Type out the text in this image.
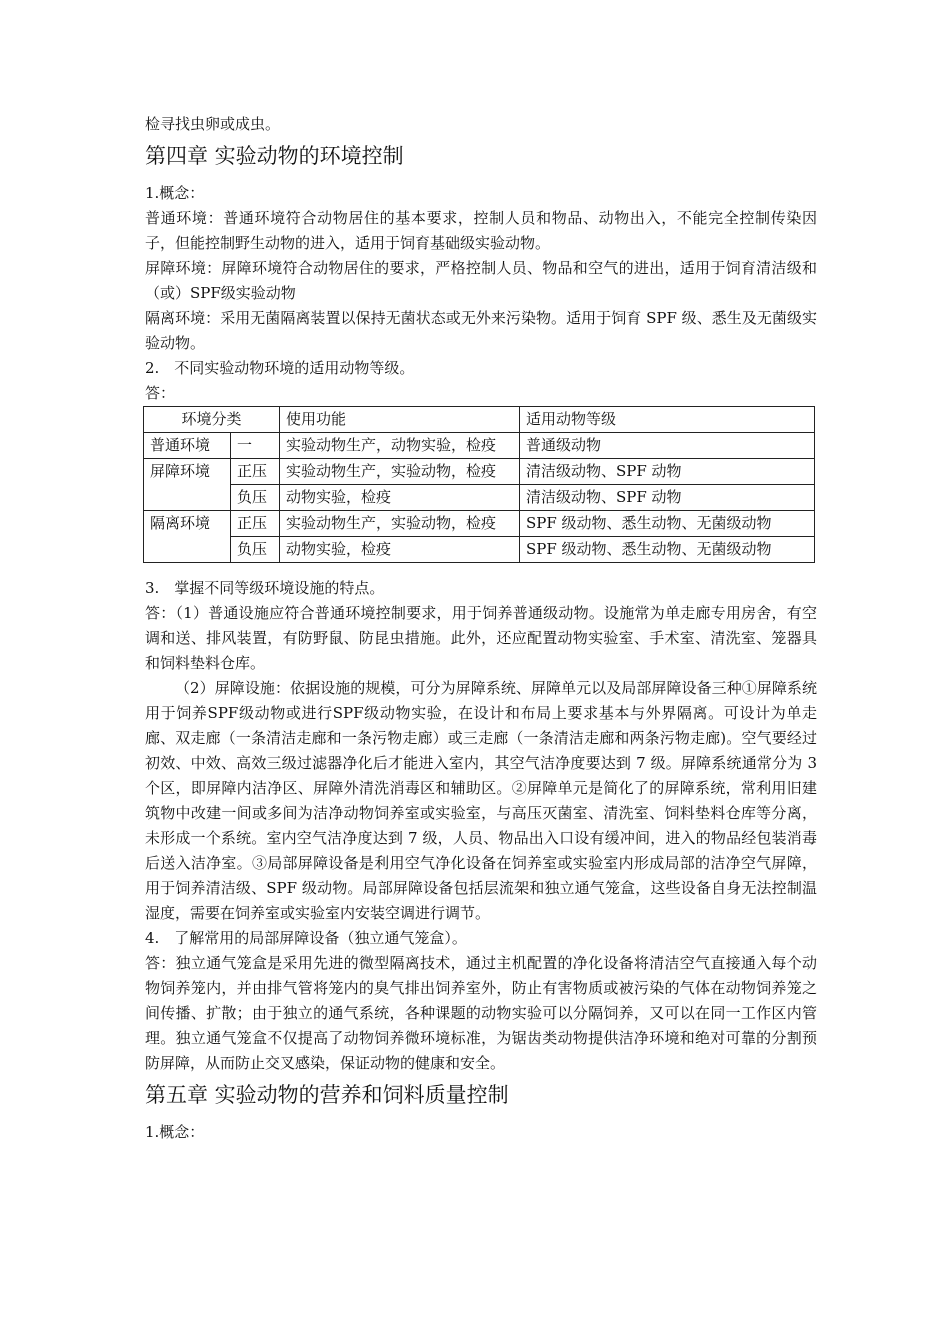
检寻找虫卵或成虫。

第四章 实验动物的环境控制

1.概念：

普通环境：普通环境符合动物居住的基本要求，控制人员和物品、动物出入，不能完全控制传染因子，但能控制野生动物的进入，适用于饲育基础级实验动物。

屏障环境：屏障环境符合动物居住的要求，严格控制人员、物品和空气的进出，适用于饲育清洁级和（或）SPF级实验动物

隔离环境：采用无菌隔离装置以保持无菌状态或无外来污染物。适用于饲育 SPF 级、悉生及无菌级实验动物。

2.　不同实验动物环境的适用动物等级。

答：

环境分类		使用功能	适用动物等级
普通环境	一	实验动物生产，动物实验，检疫	普通级动物
屏障环境	正压	实验动物生产，实验动物，检疫	清洁级动物、SPF 动物
	负压	动物实验，检疫	清洁级动物、SPF 动物
隔离环境	正压	实验动物生产，实验动物，检疫	SPF 级动物、悉生动物、无菌级动物
	负压	动物实验，检疫	SPF 级动物、悉生动物、无菌级动物

3.　掌握不同等级环境设施的特点。

答：（1）普通设施应符合普通环境控制要求，用于饲养普通级动物。设施常为单走廊专用房舍，有空调和送、排风装置，有防野鼠、防昆虫措施。此外，还应配置动物实验室、手术室、清洗室、笼器具和饲料垫料仓库。

（2）屏障设施：依据设施的规模，可分为屏障系统、屏障单元以及局部屏障设备三种①屏障系统用于饲养SPF级动物或进行SPF级动物实验，在设计和布局上要求基本与外界隔离。可设计为单走廊、双走廊（一条清洁走廊和一条污物走廊）或三走廊（一条清洁走廊和两条污物走廊)。空气要经过初效、中效、高效三级过滤器净化后才能进入室内，其空气洁净度要达到 7 级。屏障系统通常分为 3 个区，即屏障内洁净区、屏障外清洗消毒区和辅助区。②屏障单元是简化了的屏障系统，常利用旧建筑物中改建一间或多间为洁净动物饲养室或实验室，与高压灭菌室、清洗室、饲料垫料仓库等分离，未形成一个系统。室内空气洁净度达到 7 级，人员、物品出入口设有缓冲间，进入的物品经包装消毒后送入洁净室。③局部屏障设备是利用空气净化设备在饲养室或实验室内形成局部的洁净空气屏障，用于饲养清洁级、SPF 级动物。局部屏障设备包括层流架和独立通气笼盒，这些设备自身无法控制温湿度，需要在饲养室或实验室内安装空调进行调节。

4.　了解常用的局部屏障设备（独立通气笼盒）。

答：独立通气笼盒是采用先进的微型隔离技术，通过主机配置的净化设备将清洁空气直接通入每个动物饲养笼内，并由排气管将笼内的臭气排出饲养室外，防止有害物质或被污染的气体在动物饲养笼之间传播、扩散；由于独立的通气系统，各种课题的动物实验可以分隔饲养，又可以在同一工作区内管理。独立通气笼盒不仅提高了动物饲养微环境标准，为锯齿类动物提供洁净环境和绝对可靠的分割预防屏障，从而防止交叉感染，保证动物的健康和安全。

第五章 实验动物的营养和饲料质量控制

1.概念：
